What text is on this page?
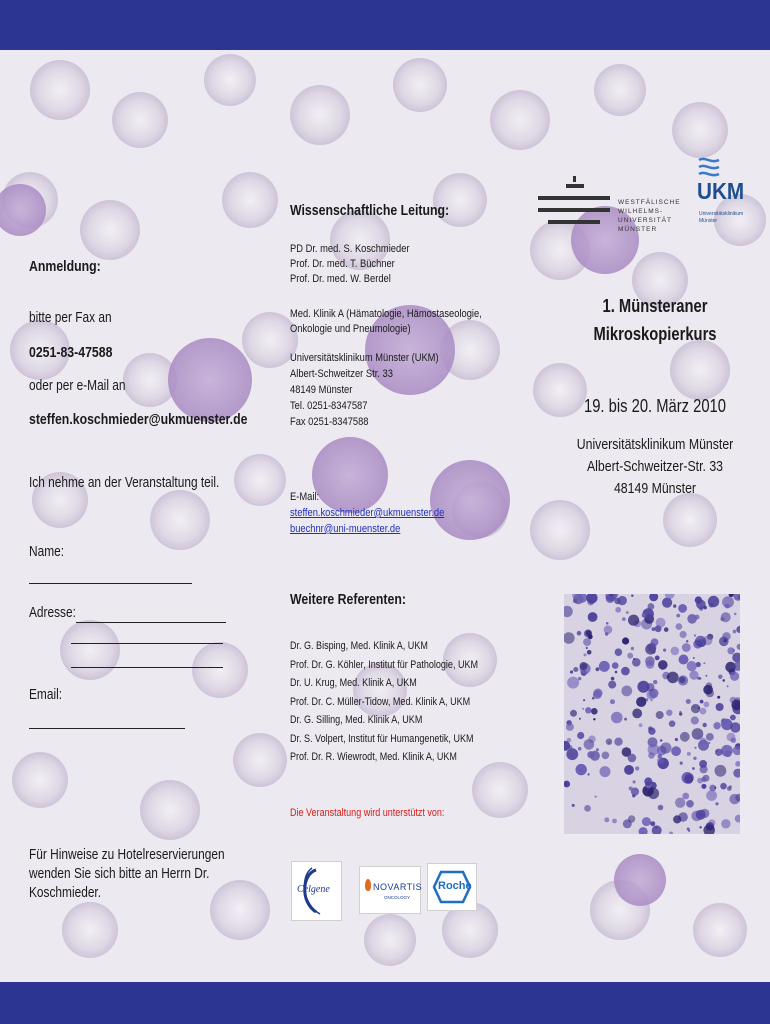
Anmeldung:
bitte per Fax an
0251-83-47588
oder per e-Mail an
steffen.koschmieder@ukmuenster.de
Ich nehme an der Veranstaltung teil.
Name:
Adresse:
Email:
Für Hinweise zu Hotelreservierungen
wenden Sie sich bitte an Herrn Dr.
Koschmieder.
Wissenschaftliche Leitung:
PD Dr. med. S. Koschmieder
Prof. Dr. med. T. Büchner
Prof. Dr. med. W. Berdel
Med. Klinik A (Hämatologie, Hämostaseologie,
Onkologie und Pneumologie)
Universitätsklinikum Münster (UKM)
Albert-Schweitzer Str. 33
48149 Münster
Tel. 0251-8347587
Fax 0251-8347588
E-Mail:
steffen.koschmieder@ukmuenster.de
buechnr@uni-muenster.de
Weitere Referenten:
Dr. G. Bisping, Med. Klinik A, UKM
Prof. Dr. G. Köhler, Institut für Pathologie, UKM
Dr. U. Krug, Med. Klinik A, UKM
Prof. Dr. C. Müller-Tidow, Med. Klinik A, UKM
Dr. G. Silling, Med. Klinik A, UKM
Dr. S. Volpert, Institut für Humangenetik, UKM
Prof. Dr. R. Wiewrodt, Med. Klinik A, UKM
Die Veranstaltung wird unterstützt von:
Celgene	NOVARTIS
ONCOLOGY
Roche
WESTFÄLISCHE
WILHELMS-UNIVERSITÄT
MÜNSTER
UKM
Universitätsklinikum
Münster
1. Münsteraner
Mikroskopierkurs
19. bis 20. März 2010
Universitätsklinikum Münster
Albert-Schweitzer-Str. 33
48149 Münster
